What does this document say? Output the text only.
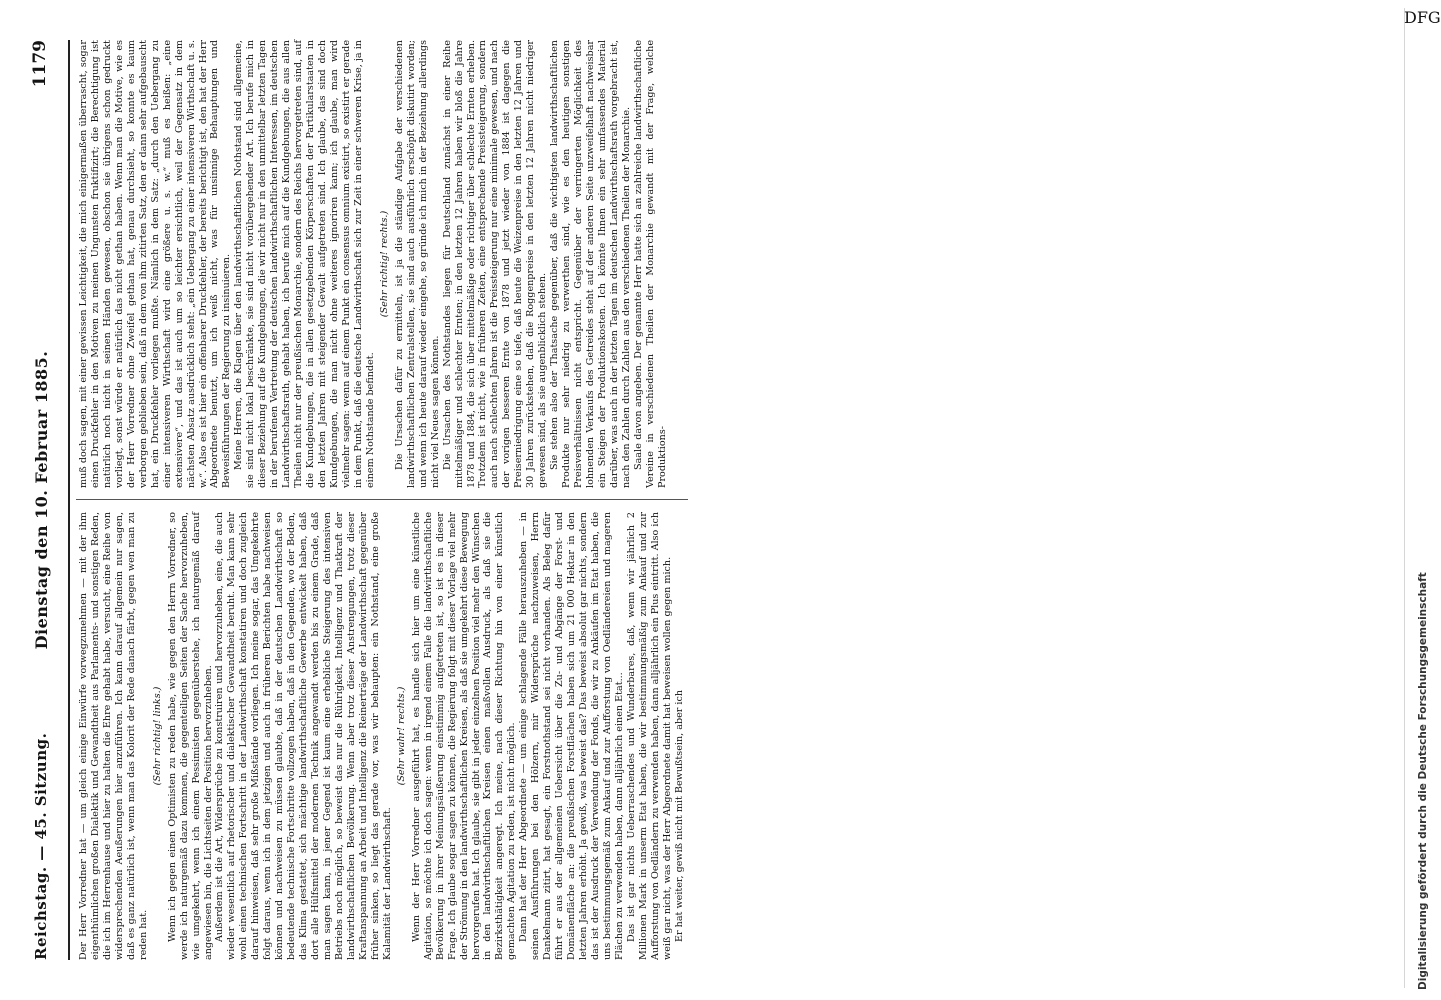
Reichstag. — 45. Sitzung.
Dienstag den 10. Februar 1885.
1179

Der Herr Vorredner hat — um gleich einige Einwürfe vorwegzunehmen — mit der ihm eigenthümlichen großen Dialektik und Gewandtheit aus Parlaments- und sonstigen Reden, die ich im Herrenhause und hier zu halten die Ehre gehabt habe, versucht, eine Reihe von widersprechenden Aeußerungen hier anzuführen. Ich kann darauf allgemein nur sagen, daß es ganz natürlich ist, wenn man das Kolorit der Rede danach färbt, gegen wen man zu reden hat.

(Sehr richtig! links.) Wenn ich gegen einen Optimisten zu reden habe, wie gegen den Herrn Vorredner, so werde ich naturgemäß dazu kommen, die gegenteiligen Seiten der Sache hervorzuheben, wie umgekehrt, wenn ich einem Pessimisten gegenüberstehe, ich naturgemäß darauf angewiesen bin, die Lichtseiten der Position hervorzuheben. Außerdem ist die Art, Widersprüche zu konstruiren und hervorzuheben, eine, die auch wieder wesentlich auf rhetorischer und dialektischer Gewandtheit beruht. Man kann sehr wohl einen technischen Fortschritt in der Landwirthschaft konstatiren und doch zugleich darauf hinweisen, daß sehr große Mißstände vorliegen. Ich meine sogar, das Umgekehrte folgt daraus, wenn ich in dem jetzigen und auch in früheren Berichten habe nachweisen können und nachweisen zu müssen glaubte, daß in der deutschen Landwirthschaft so bedeutende technische Fortschritte vollzogen haben, daß in den Gegenden, wo der Boden, das Klima gestattet, sich mächtige landwirthschaftliche Gewerbe entwickelt haben, daß dort alle Hülfsmittel der modernen Technik angewandt werden bis zu einem Grade, daß man sagen kann, in jener Gegend ist kaum eine erhebliche Steigerung des intensiven Betriebs noch möglich, so beweist das nur die Rührigkeit, Intelligenz und Thatkraft der landwirthschaftlichen Bevölkerung. Wenn aber trotz dieser Anstrengungen, trotz dieser Kraftanspannung an Arbeit und Intelligenz die Reinerträge der Landwirthschaft gegenüber früher sinken, so liegt das gerade vor, was wir behaupten: ein Nothstand, eine große Kalamität der Landwirthschaft.

(Sehr wahr! rechts.) Wenn der Herr Vorredner ausgeführt hat, es handle sich hier um eine künstliche Agitation, so möchte ich doch sagen: wenn in irgend einem Falle die landwirthschaftliche Bevölkerung in ihrer Meinungsäußerung einstimmig aufgetreten ist, so ist es in dieser Frage. Ich glaube sogar sagen zu können, die Regierung folgt mit dieser Vorlage viel mehr der Strömung in den landwirthschaftlichen Kreisen, als daß sie umgekehrt diese Bewegung hervorgerufen hat. Ich glaube, sie gibt in jeder einzelnen Position viel mehr den Wünschen in den landwirthschaftlichen Kreisen einen maßvollen Ausdruck, als daß sie die Bezirksthätigkeit angeregt. Ich meine, nach dieser Richtung hin von einer künstlich gemachten Agitation zu reden, ist nicht möglich. Dann hat der Herr Abgeordnete — um einige schlagende Fälle herauszuheben — in seinen Ausführungen bei den Hölzern, mir Widersprüche nachzuweisen, Herrn Dankelmann zitirt, hat gesagt, ein Forstnothstand sei nicht vorhanden. Als Beleg dafür führt er aus der allgemeinen Uebersicht über die Zu- und Abgänge der Forst- und Domänenfläche an: die preußischen Forstflächen haben sich um 21 000 Hektar in den letzten Jahren erhöht. Ja gewiß, was beweist das? Das beweist absolut gar nichts, sondern das ist der Ausdruck der Verwendung der Fonds, die wir zu Ankäufen im Etat haben, die uns bestimmungsgemäß zum Ankauf und zur Aufforstung von Oedländereien und mageren Flächen zu verwenden haben, dann alljährlich einen Etat... Das ist gar nichts Ueberraschendes und Wunderbares, daß, wenn wir jährlich 2 Millionen Mark in unserm Etat haben, die wir bestimmungsmäßig zum Ankauf und zur Aufforstung von Oedländern zu verwenden haben, dann alljährlich ein Plus eintritt. Also ich weiß gar nicht, was der Herr Abgeordnete damit hat beweisen wollen gegen mich. Er hat weiter, gewiß nicht mit Bewußtsein, aber ich

muß doch sagen, mit einer gewissen Leichtigkeit, die mich einigermaßen überrascht, sogar einen Druckfehler in den Motiven zu meinen Ungunsten fruktifizirt; die Berechtigung ist natürlich noch nicht in seinen Händen gewesen, obschon sie übrigens schon gedruckt vorliegt, sonst würde er natürlich das nicht gethan haben. Wenn man die Motive, wie es der Herr Vorredner ohne Zweifel gethan hat, genau durchsieht, so konnte es kaum verborgen geblieben sein, daß in dem von ihm zitirten Satz, den er dann sehr aufgebauscht hat, ein Druckfehler vorliegen mußte. Nämlich in dem Satz: „durch den Uebergang zu einer intensiveren Wirthschaft wird eine größere u. s. w.“ muß es heißen: „eine extensivere“, und das ist auch um so leichter ersichtlich, weil der Gegensatz in dem nächsten Absatz ausdrücklich steht: „ein Uebergang zu einer intensiveren Wirthschaft u. s. w.“. Also es ist hier ein offenbarer Druckfehler, der bereits berichtigt ist, den hat der Herr Abgeordnete benutzt, um ich weiß nicht, was für unsinnige Behauptungen und Beweisführungen der Regierung zu insinuieren. Meine Herren, die Klagen über den landwirthschaftlichen Nothstand sind allgemeine, sie sind nicht lokal beschränkte, sie sind nicht vorübergehender Art. Ich berufe mich in dieser Beziehung auf die Kundgebungen, die wir nicht nur in den unmittelbar letzten Tagen in der berufenen Vertretung der deutschen landwirthschaftlichen Interessen, im deutschen Landwirthschaftsrath, gehabt haben, ich berufe mich auf die Kundgebungen, die aus allen Theilen nicht nur der preußischen Monarchie, sondern des Reichs hervorgetreten sind, auf die Kundgebungen, die in allen gesetzgebenden Körperschaften der Partikularstaaten in den letzten Jahren mit steigender Gewalt aufgetreten sind. Ich glaube, das sind doch Kundgebungen, die man nicht ohne weiteres ignoriren kann; ich glaube, man wird vielmehr sagen: wenn auf einem Punkt ein consensus omnium existirt, so existirt er gerade in dem Punkt, daß die deutsche Landwirthschaft sich zur Zeit in einer schweren Krise, ja in einem Nothstande befindet.

(Sehr richtig! rechts.) Die Ursachen dafür zu ermitteln, ist ja die ständige Aufgabe der verschiedenen landwirthschaftlichen Zentralstellen, sie sind auch ausführlich erschöpft diskutirt worden; und wenn ich heute darauf wieder eingehe, so gründe ich mich in der Beziehung allerdings nicht viel Neues sagen können. Die Ursachen des Nothstandes liegen für Deutschland zunächst in einer Reihe mittelmäßiger und schlechter Ernten; in den letzten 12 Jahren haben wir bloß die Jahre 1878 und 1884, die sich über mittelmäßige oder richtiger über schlechte Ernten erheben. Trotzdem ist nicht, wie in früheren Zeiten, eine entsprechende Preissteigerung, sondern auch nach schlechten Jahren ist die Preissteigerung nur eine minimale gewesen, und nach der vorigen besseren Ernte von 1878 und jetzt wieder von 1884 ist dagegen die Preiserniedrigung eine so tiefe, daß heute die Weizenpreise in den letzten 12 Jahren und 30 Jahren zurückstehen, daß die Roggenpreise in den letzten 12 Jahren nicht niedriger gewesen sind, als sie augenblicklich stehen. Sie stehen also der Thatsache gegenüber, daß die wichtigsten landwirthschaftlichen Produkte nur sehr niedrig zu verwerthen sind, wie es den heutigen sonstigen Preisverhältnissen nicht entspricht. Gegenüber der verringerten Möglichkeit des lohnenden Verkaufs des Getreides steht auf der anderen Seite unzweifelhaft nachweisbar ein Steigen der Produktionskosten. Ich könnte Ihnen ein sehr umfassendes Material darüber, was auch in der letzten Tagen im deutschen Landwirthschaftsrath vorgebracht ist, nach den Zahlen durch Zahlen aus den verschiedenen Theilen der Monarchie. Saale davon angeben. Der genannte Herr hatte sich an zahlreiche landwirthschaftliche Vereine in verschiedenen Theilen der Monarchie gewandt mit der Frage, welche Produktions-

Digitalisierung gefördert durch die Deutsche Forschungsgemeinschaft
DFG
